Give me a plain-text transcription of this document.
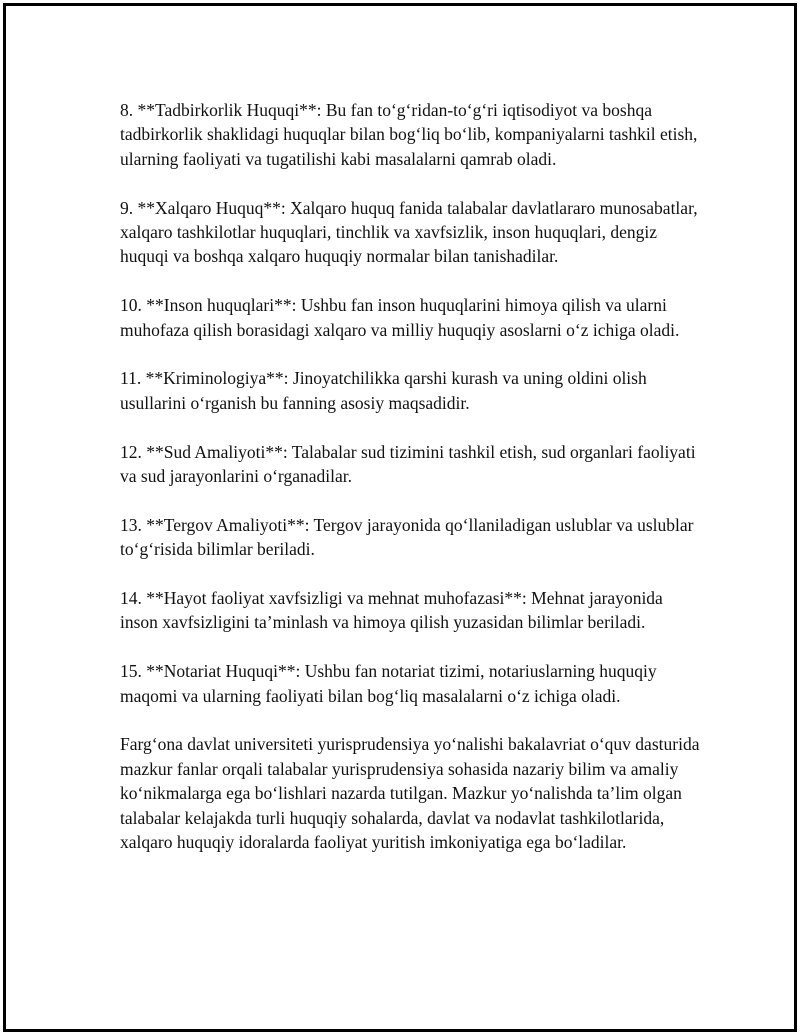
8. **Tadbirkorlik Huquqi**: Bu fan to‘g‘ridan-to‘g‘ri iqtisodiyot va boshqa tadbirkorlik shaklidagi huquqlar bilan bog‘liq bo‘lib, kompaniyalarni tashkil etish, ularning faoliyati va tugatilishi kabi masalalarni qamrab oladi.

9. **Xalqaro Huquq**: Xalqaro huquq fanida talabalar davlatlararo munosabatlar, xalqaro tashkilotlar huquqlari, tinchlik va xavfsizlik, inson huquqlari, dengiz huquqi va boshqa xalqaro huquqiy normalar bilan tanishadilar.

10. **Inson huquqlari**: Ushbu fan inson huquqlarini himoya qilish va ularni muhofaza qilish borasidagi xalqaro va milliy huquqiy asoslarni o‘z ichiga oladi.

11. **Kriminologiya**: Jinoyatchilikka qarshi kurash va uning oldini olish usullarini o‘rganish bu fanning asosiy maqsadidir.

12. **Sud Amaliyoti**: Talabalar sud tizimini tashkil etish, sud organlari faoliyati va sud jarayonlarini o‘rganadilar.

13. **Tergov Amaliyoti**: Tergov jarayonida qo‘llaniladigan uslublar va uslublar to‘g‘risida bilimlar beriladi.

14. **Hayot faoliyat xavfsizligi va mehnat muhofazasi**: Mehnat jarayonida inson xavfsizligini ta’minlash va himoya qilish yuzasidan bilimlar beriladi.

15. **Notariat Huquqi**: Ushbu fan notariat tizimi, notariuslarning huquqiy maqomi va ularning faoliyati bilan bog‘liq masalalarni o‘z ichiga oladi.

Farg‘ona davlat universiteti yurisprudensiya yo‘nalishi bakalavriat o‘quv dasturida mazkur fanlar orqali talabalar yurisprudensiya sohasida nazariy bilim va amaliy ko‘nikmalarga ega bo‘lishlari nazarda tutilgan. Mazkur yo‘nalishda ta’lim olgan talabalar kelajakda turli huquqiy sohalarda, davlat va nodavlat tashkilotlarida, xalqaro huquqiy idoralarda faoliyat yuritish imkoniyatiga ega bo‘ladilar.
